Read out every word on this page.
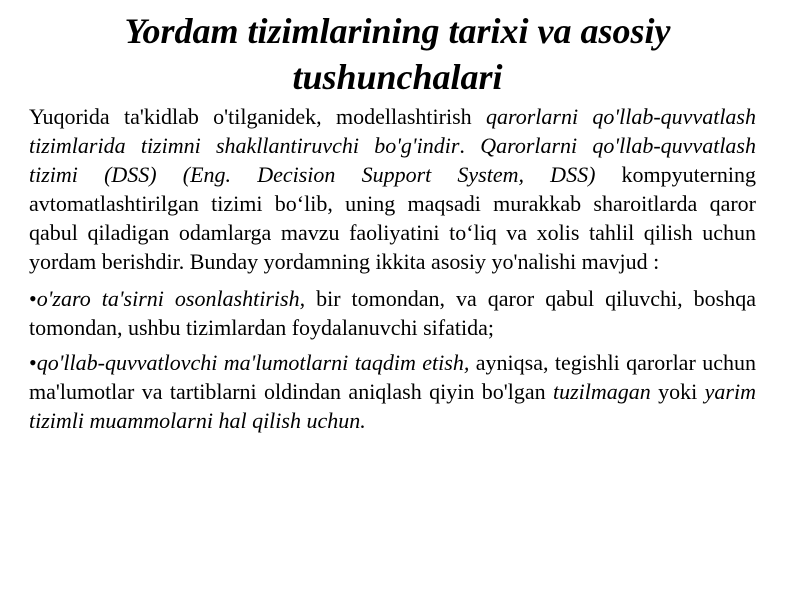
Yordam tizimlarining tarixi va asosiy tushunchalari

Yuqorida ta'kidlab o'tilganidek, modellashtirish qarorlarni qo'llab-quvvatlash tizimlarida tizimni shakllantiruvchi bo'g'indir. Qarorlarni qo'llab-quvvatlash tizimi (DSS) (Eng. Decision Support System, DSS) kompyuterning avtomatlashtirilgan tizimi bo‘lib, uning maqsadi murakkab sharoitlarda qaror qabul qiladigan odamlarga mavzu faoliyatini to‘liq va xolis tahlil qilish uchun yordam berishdir. Bunday yordamning ikkita asosiy yo'nalishi mavjud :

•o'zaro ta'sirni osonlashtirish, bir tomondan, va qaror qabul qiluvchi, boshqa tomondan, ushbu tizimlardan foydalanuvchi sifatida;

•qo'llab-quvvatlovchi ma'lumotlarni taqdim etish, ayniqsa, tegishli qarorlar uchun ma'lumotlar va tartiblarni oldindan aniqlash qiyin bo'lgan tuzilmagan yoki yarim tizimli muammolarni hal qilish uchun.
